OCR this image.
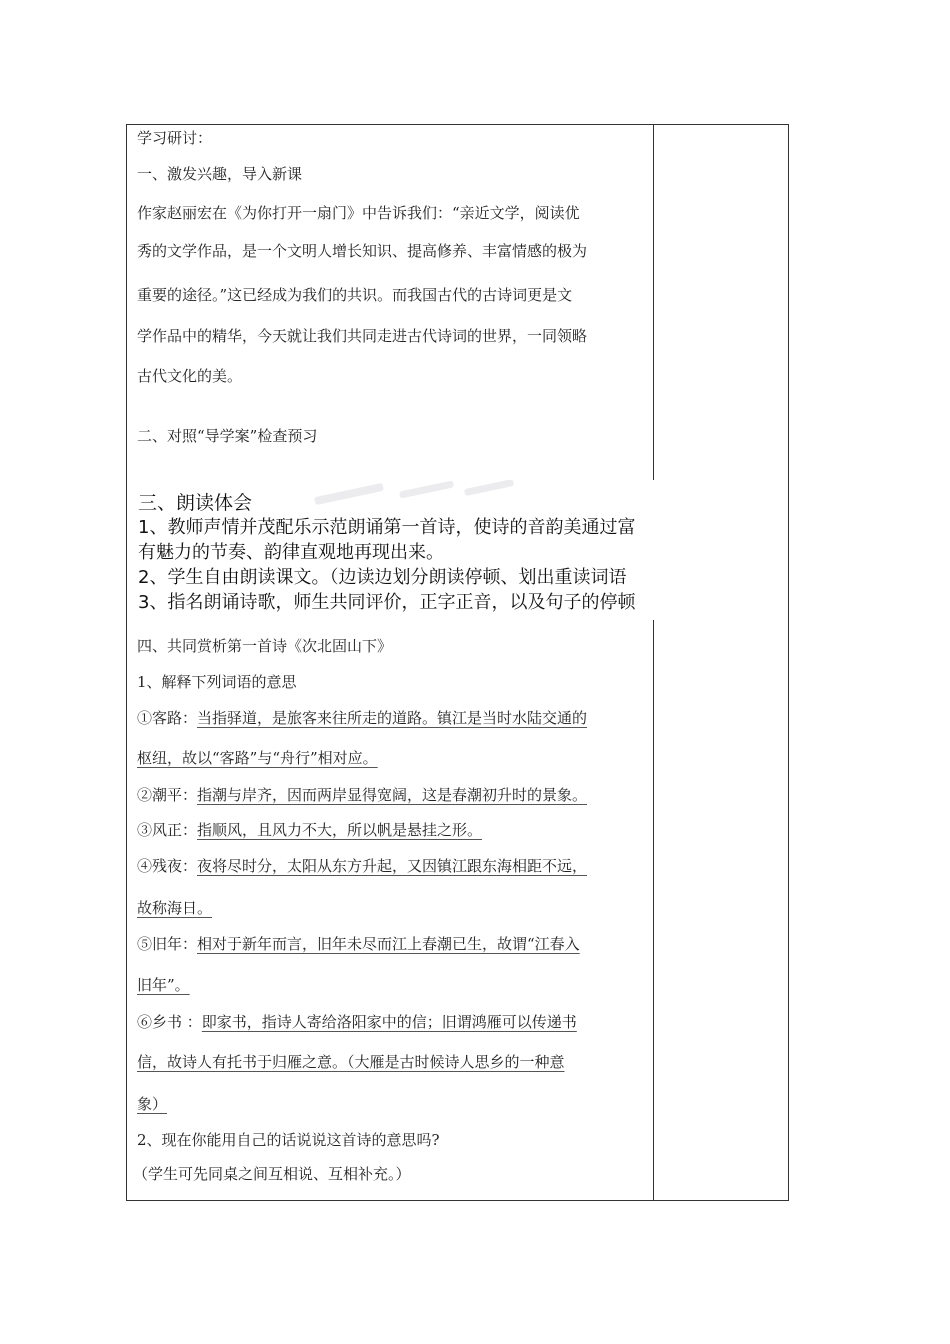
学习研讨：
一、激发兴趣，导入新课
作家赵丽宏在《为你打开一扇门》中告诉我们：“亲近文学，阅读优
秀的文学作品，是一个文明人增长知识、提高修养、丰富情感的极为
重要的途径。”这已经成为我们的共识。而我国古代的古诗词更是文
学作品中的精华，今天就让我们共同走进古代诗词的世界，一同领略
古代文化的美。
二、对照“导学案”检查预习
三、朗读体会
1、教师声情并茂配乐示范朗诵第一首诗，使诗的音韵美通过富
有魅力的节奏、韵律直观地再现出来。
2、学生自由朗读课文。（边读边划分朗读停顿、划出重读词语
3、指名朗诵诗歌，师生共同评价，正字正音，以及句子的停顿
四、共同赏析第一首诗《次北固山下》
1、解释下列词语的意思
①客路：当指驿道，是旅客来往所走的道路。镇江是当时水陆交通的
枢纽，故以“客路”与“舟行”相对应。
②潮平：指潮与岸齐，因而两岸显得宽阔，这是春潮初升时的景象。
③风正：指顺风，且风力不大，所以帆是悬挂之形。
④残夜：夜将尽时分，太阳从东方升起，又因镇江跟东海相距不远，
故称海日。
⑤旧年：相对于新年而言，旧年未尽而江上春潮已生，故谓“江春入
旧年”。
⑥乡书 ：即家书，指诗人寄给洛阳家中的信；旧谓鸿雁可以传递书
信，故诗人有托书于归雁之意。（大雁是古时候诗人思乡的一种意
象）
2、现在你能用自己的话说说这首诗的意思吗?
（学生可先同桌之间互相说、互相补充。）
